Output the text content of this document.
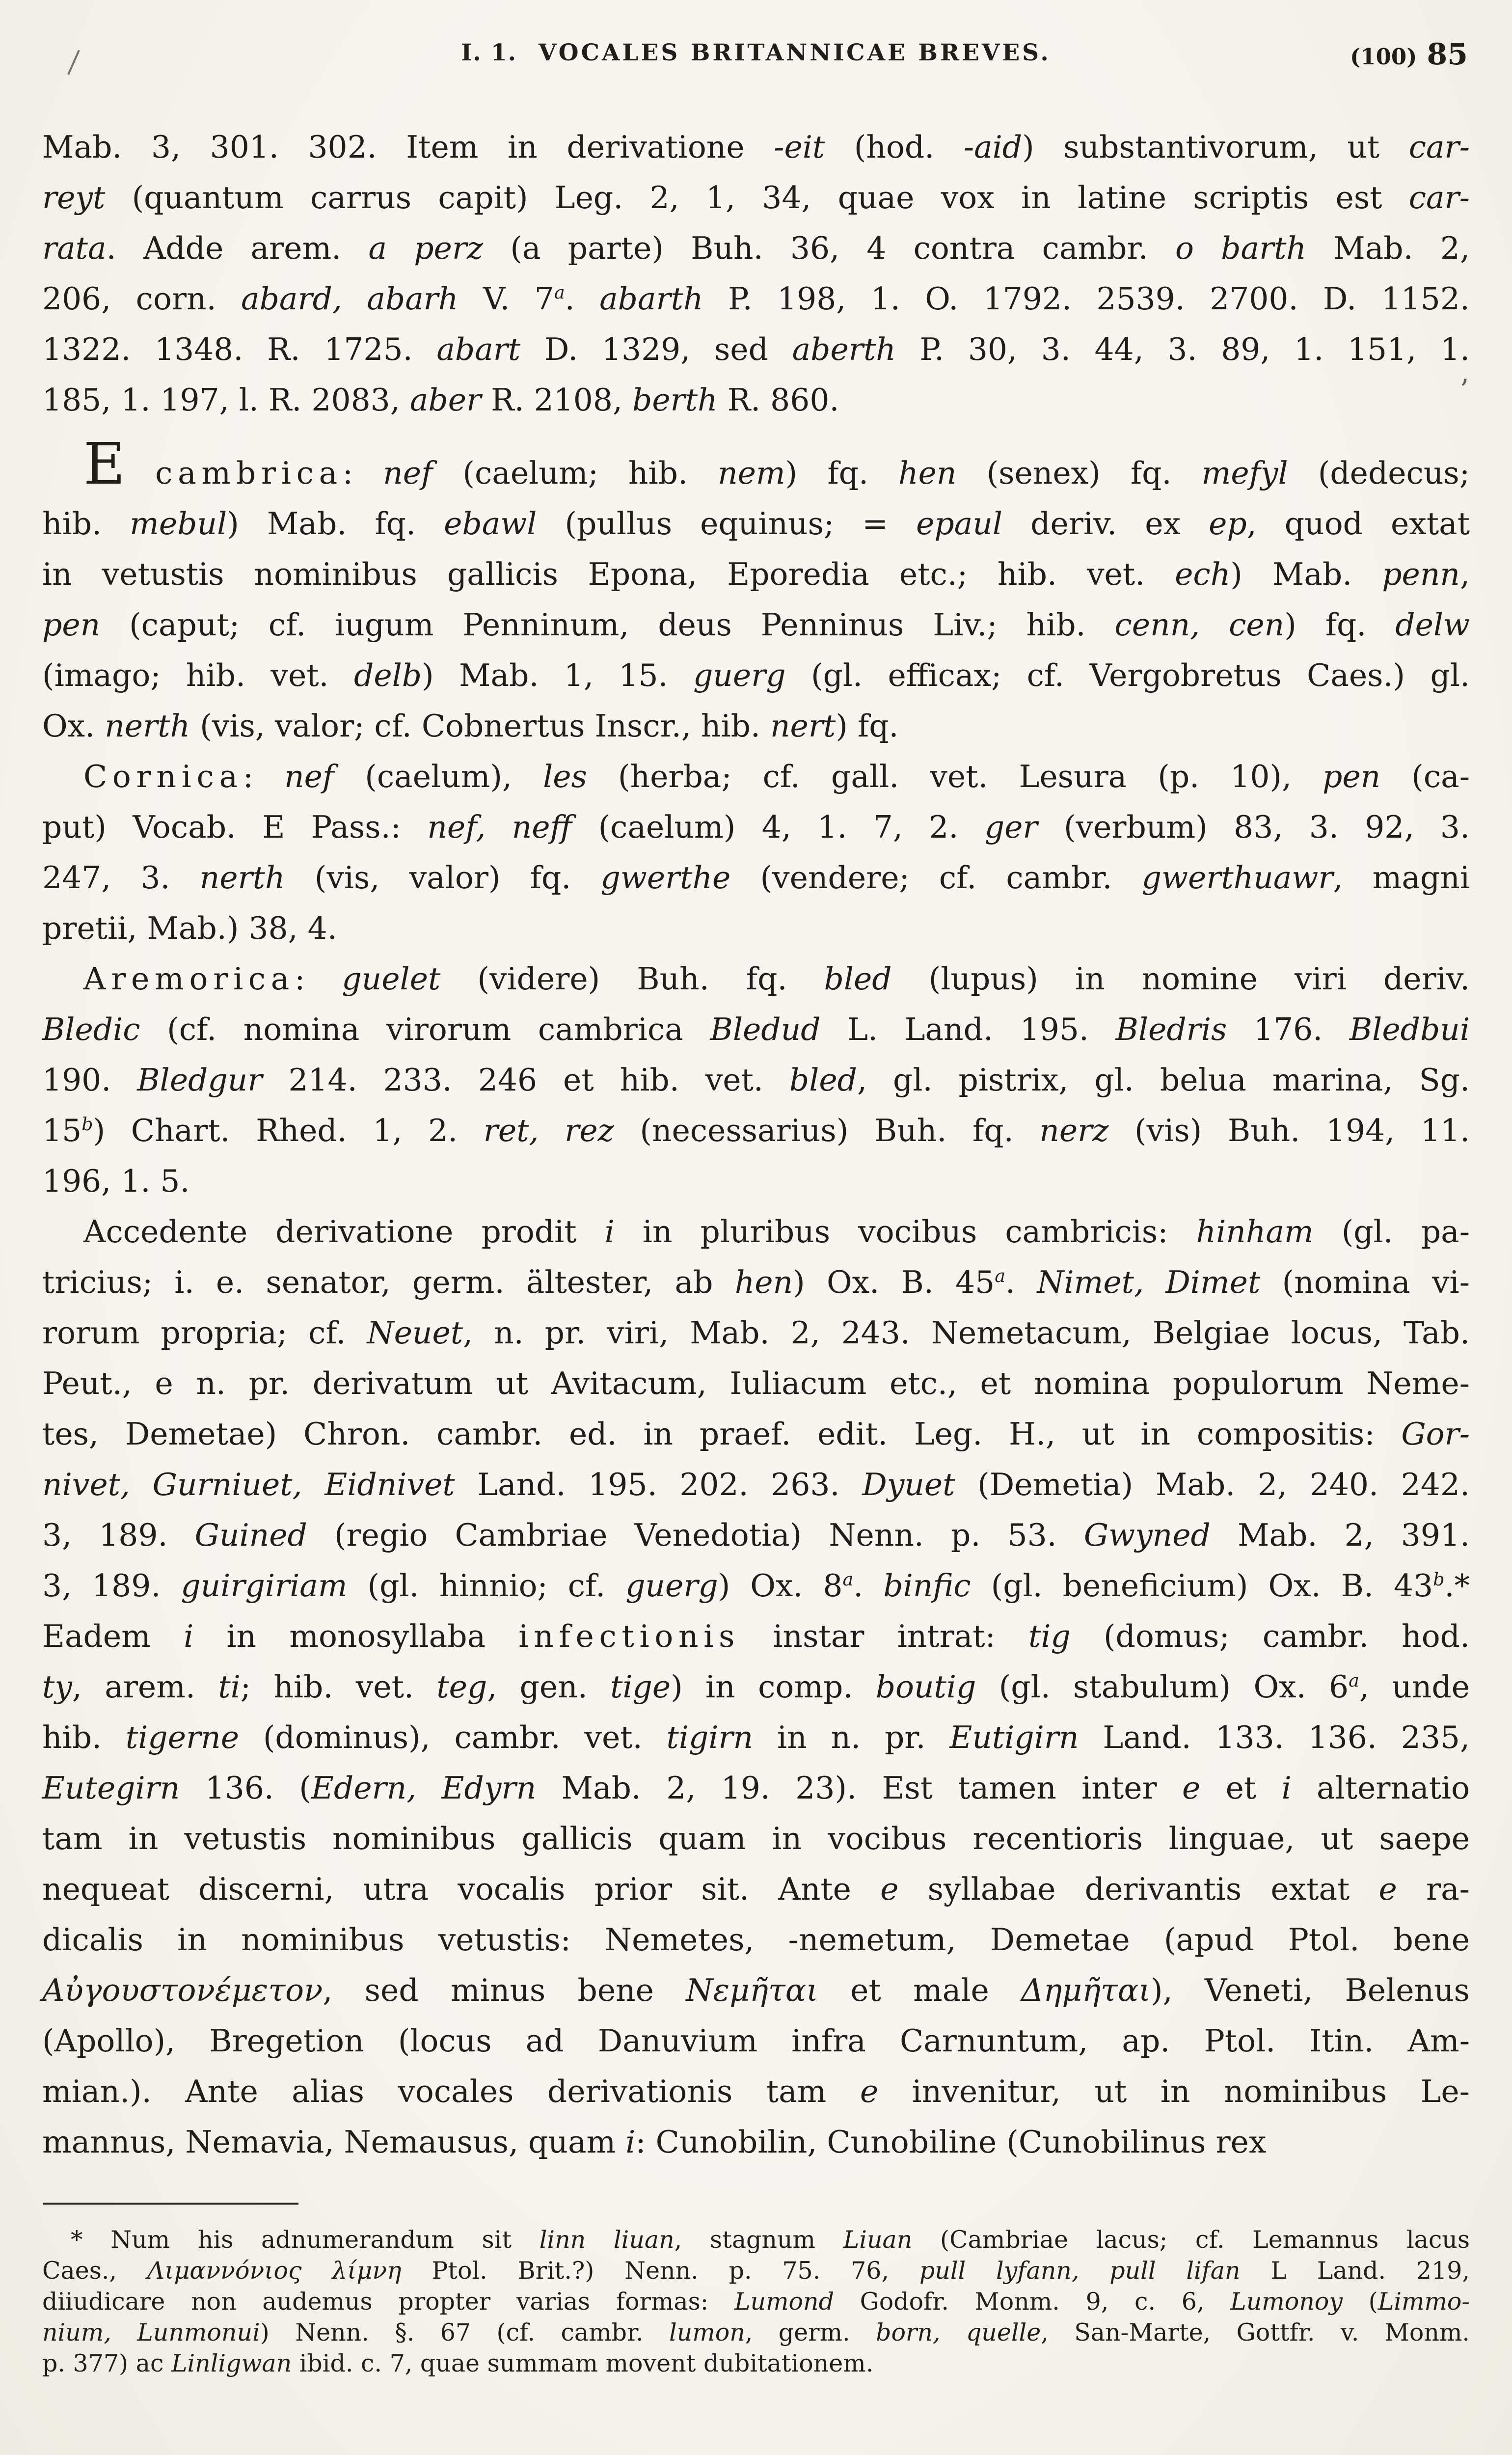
’
I. 1. VOCALES BRITANNICAE BREVES.	(100) 85
Mab. 3, 301. 302. Item in derivatione -eit (hod. -aid) substantivorum, ut car-
reyt (quantum carrus capit) Leg. 2, 1, 34, quae vox in latine scriptis est car-
rata. Adde arem. a perz (a parte) Buh. 36, 4 contra cambr. o barth Mab. 2,
206, corn. abard, abarh V. 7$^a$. abarth P. 198, 1. O. 1792. 2539. 2700. D. 1152.
1322. 1348. R. 1725. abart D. 1329, sed aberth P. 30, 3. 44, 3. 89, 1. 151, 1.
185, 1. 197, l. R. 2083, aber R. 2108, berth R. 860.
E cambrica: nef (caelum; hib. nem) fq. hen (senex) fq. mefyl (dedecus;
hib. mebul) Mab. fq. ebawl (pullus equinus; = epaul deriv. ex ep, quod extat
in vetustis nominibus gallicis Epona, Eporedia etc.; hib. vet. ech) Mab. penn,
pen (caput; cf. iugum Penninum, deus Penninus Liv.; hib. cenn, cen) fq. delw
(imago; hib. vet. delb) Mab. 1, 15. guerg (gl. efficax; cf. Vergobretus Caes.) gl.
Ox. nerth (vis, valor; cf. Cobnertus Inscr., hib. nert) fq.
Cornica: nef (caelum), les (herba; cf. gall. vet. Lesura (p. 10), pen (ca-
put) Vocab. E Pass.: nef, neff (caelum) 4, 1. 7, 2. ger (verbum) 83, 3. 92, 3.
247, 3. nerth (vis, valor) fq. gwerthe (vendere; cf. cambr. gwerthuawr, magni
pretii, Mab.) 38, 4.
Aremorica: guelet (videre) Buh. fq. bled (lupus) in nomine viri deriv.
Bledic (cf. nomina virorum cambrica Bledud L. Land. 195. Bledris 176. Bledbui
190. Bledgur 214. 233. 246 et hib. vet. bled, gl. pistrix, gl. belua marina, Sg.
15$^b$) Chart. Rhed. 1, 2. ret, rez (necessarius) Buh. fq. nerz (vis) Buh. 194, 11.
196, 1. 5.
Accedente derivatione prodit i in pluribus vocibus cambricis: hinham (gl. pa-
tricius; i. e. senator, germ. ältester, ab hen) Ox. B. 45$^a$. Nimet, Dimet (nomina vi-
rorum propria; cf. Neuet, n. pr. viri, Mab. 2, 243. Nemetacum, Belgiae locus, Tab.
Peut., e n. pr. derivatum ut Avitacum, Iuliacum etc., et nomina populorum Neme-
tes, Demetae) Chron. cambr. ed. in praef. edit. Leg. H., ut in compositis: Gor-
nivet, Gurniuet, Eidnivet Land. 195. 202. 263. Dyuet (Demetia) Mab. 2, 240. 242.
3, 189. Guined (regio Cambriae Venedotia) Nenn. p. 53. Gwyned Mab. 2, 391.
3, 189. guirgiriam (gl. hinnio; cf. guerg) Ox. 8$^a$. binfic (gl. beneficium) Ox. B. 43$^b$.*
Eadem i in monosyllaba infectionis instar intrat: tig (domus; cambr. hod.
ty, arem. ti; hib. vet. teg, gen. tige) in comp. boutig (gl. stabulum) Ox. 6$^a$, unde
hib. tigerne (dominus), cambr. vet. tigirn in n. pr. Eutigirn Land. 133. 136. 235,
Eutegirn 136. (Edern, Edyrn Mab. 2, 19. 23). Est tamen inter e et i alternatio
tam in vetustis nominibus gallicis quam in vocibus recentioris linguae, ut saepe
nequeat discerni, utra vocalis prior sit. Ante e syllabae derivantis extat e ra-
dicalis in nominibus vetustis: Nemetes, -nemetum, Demetae (apud Ptol. bene
Αὐγουστονέμετον, sed minus bene Νεμῆται et male Δημῆται), Veneti, Belenus
(Apollo), Bregetion (locus ad Danuvium infra Carnuntum, ap. Ptol. Itin. Am-
mian.). Ante alias vocales derivationis tam e invenitur, ut in nominibus Le-
mannus, Nemavia, Nemausus, quam i: Cunobilin, Cunobiline (Cunobilinus rex
* Num his adnumerandum sit linn liuan, stagnum Liuan (Cambriae lacus; cf. Lemannus lacus
Caes., Λιμαννόνιος λίμνη Ptol. Brit.?) Nenn. p. 75. 76, pull lyfann, pull lifan L Land. 219,
diiudicare non audemus propter varias formas: Lumond Godofr. Monm. 9, c. 6, Lumonoy (Limmo-
nium, Lunmonui) Nenn. §. 67 (cf. cambr. lumon, germ. born, quelle, San-Marte, Gottfr. v. Monm.
p. 377) ac Linligwan ibid. c. 7, quae summam movent dubitationem.
